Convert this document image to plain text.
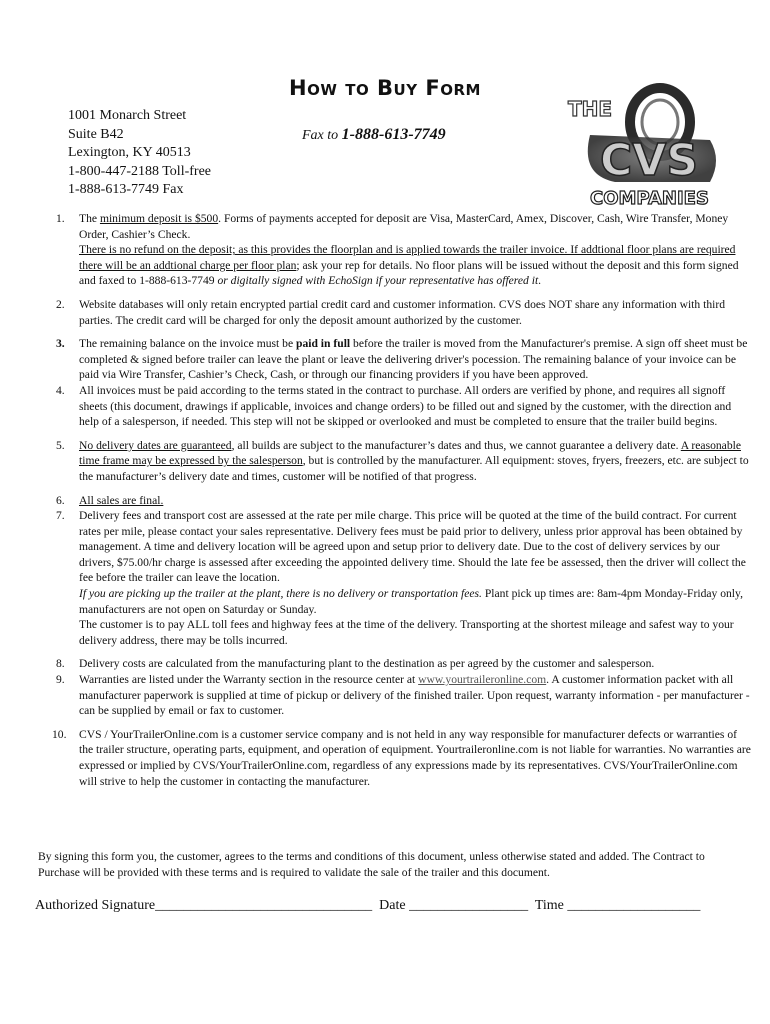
How to Buy Form
1001 Monarch Street
Suite B42
Lexington, KY 40513
1-800-447-2188 Toll-free
1-888-613-7749 Fax
Fax to 1-888-613-7749
THE
CVS
COMPANIES
1. The minimum deposit is $500. Forms of payments accepted for deposit are Visa, MasterCard, Amex, Discover, Cash, Wire Transfer, Money Order, Cashier’s Check.
There is no refund on the deposit; as this provides the floorplan and is applied towards the trailer invoice. If addtional floor plans are required there will be an addtional charge per floor plan; ask your rep for details. No floor plans will be issued without the deposit and this form signed and faxed to 1-888-613-7749 or digitally signed with EchoSign if your representative has offered it.
2. Website databases will only retain encrypted partial credit card and customer information. CVS does NOT share any information with third parties. The credit card will be charged for only the deposit amount authorized by the customer.
3. The remaining balance on the invoice must be paid in full before the trailer is moved from the Manufacturer's premise. A sign off sheet must be completed & signed before trailer can leave the plant or leave the delivering driver's pocession. The remaining balance of your invoice can be paid via Wire Transfer, Cashier’s Check, Cash, or through our financing providers if you have been approved.
4. All invoices must be paid according to the terms stated in the contract to purchase. All orders are verified by phone, and requires all signoff sheets (this document, drawings if applicable, invoices and change orders) to be filled out and signed by the customer, with the direction and help of a salesperson, if needed. This step will not be skipped or overlooked and must be completed to ensure that the trailer build begins.
5. No delivery dates are guaranteed, all builds are subject to the manufacturer’s dates and thus, we cannot guarantee a delivery date. A reasonable time frame may be expressed by the salesperson, but is controlled by the manufacturer. All equipment: stoves, fryers, freezers, etc. are subject to the manufacturer’s delivery date and times, customer will be notified of that progress.
6. All sales are final.
7. Delivery fees and transport cost are assessed at the rate per mile charge. This price will be quoted at the time of the build contract. For current rates per mile, please contact your sales representative. Delivery fees must be paid prior to delivery, unless prior approval has been obtained by management. A time and delivery location will be agreed upon and setup prior to delivery date. Due to the cost of delivery services by our drivers, $75.00/hr charge is assessed after exceeding the appointed delivery time. Should the late fee be assessed, then the driver will collect the fee before the trailer can leave the location.
If you are picking up the trailer at the plant, there is no delivery or transportation fees. Plant pick up times are: 8am-4pm Monday-Friday only, manufacturers are not open on Saturday or Sunday.
The customer is to pay ALL toll fees and highway fees at the time of the delivery. Transporting at the shortest mileage and safest way to your delivery address, there may be tolls incurred.
8. Delivery costs are calculated from the manufacturing plant to the destination as per agreed by the customer and salesperson.
9. Warranties are listed under the Warranty section in the resource center at www.yourtraileronline.com. A customer information packet with all manufacturer paperwork is supplied at time of pickup or delivery of the finished trailer. Upon request, warranty information - per manufacturer - can be supplied by email or fax to customer.
10. CVS / YourTrailerOnline.com is a customer service company and is not held in any way responsible for manufacturer defects or warranties of the trailer structure, operating parts, equipment, and operation of equipment. Yourtraileronline.com is not liable for warranties. No warranties are expressed or implied by CVS/YourTrailerOnline.com, regardless of any expressions made by its representatives. CVS/YourTrailerOnline.com will strive to help the customer in contacting the manufacturer.
By signing this form you, the customer, agrees to the terms and conditions of this document, unless otherwise stated and added. The Contract to Purchase will be provided with these terms and is required to validate the sale of the trailer and this document.
Authorized Signature_______________________________ Date _________________ Time ___________________
